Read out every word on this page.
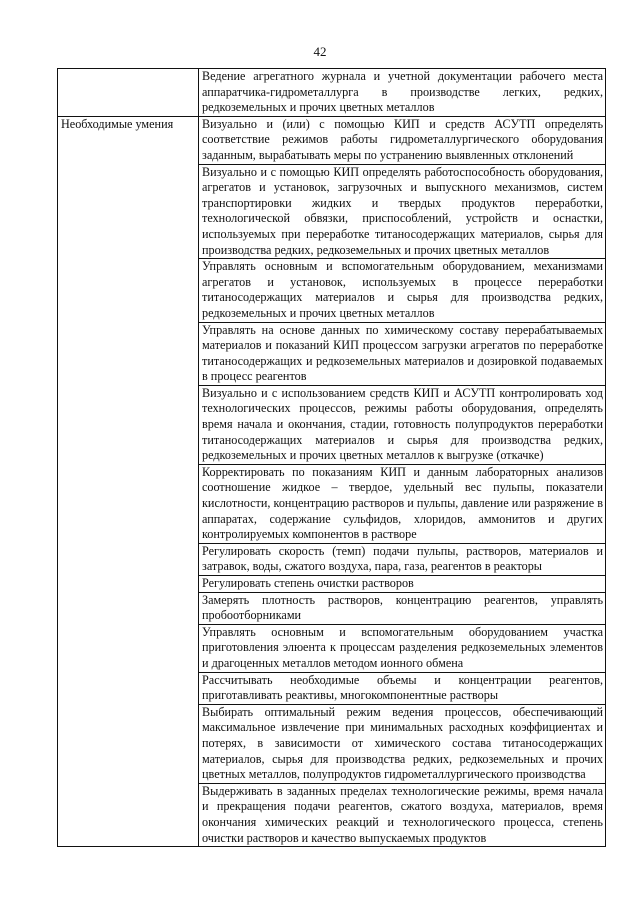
42
	Ведение агрегатного журнала и учетной документации рабочего места аппаратчика-гидрометаллурга в производстве легких, редких, редкоземельных и прочих цветных металлов
Необходимые умения	Визуально и (или) с помощью КИП и средств АСУТП определять соответствие режимов работы гидрометаллургического оборудования заданным, вырабатывать меры по устранению выявленных отклонений
	Визуально и с помощью КИП определять работоспособность оборудования, агрегатов и установок, загрузочных и выпускного механизмов, систем транспортировки жидких и твердых продуктов переработки, технологической обвязки, приспособлений, устройств и оснастки, используемых при переработке титаносодержащих материалов, сырья для производства редких, редкоземельных и прочих цветных металлов
	Управлять основным и вспомогательным оборудованием, механизмами агрегатов и установок, используемых в процессе переработки титаносодержащих материалов и сырья для производства редких, редкоземельных и прочих цветных металлов
	Управлять на основе данных по химическому составу перерабатываемых материалов и показаний КИП процессом загрузки агрегатов по переработке титаносодержащих и редкоземельных материалов и дозировкой подаваемых в процесс реагентов
	Визуально и с использованием средств КИП и АСУТП контролировать ход технологических процессов, режимы работы оборудования, определять время начала и окончания, стадии, готовность полупродуктов переработки титаносодержащих материалов и сырья для производства редких, редкоземельных и прочих цветных металлов к выгрузке (откачке)
	Корректировать по показаниям КИП и данным лабораторных анализов соотношение жидкое – твердое, удельный вес пульпы, показатели кислотности, концентрацию растворов и пульпы, давление или разряжение в аппаратах, содержание сульфидов, хлоридов, аммонитов и других контролируемых компонентов в растворе
	Регулировать скорость (темп) подачи пульпы, растворов, материалов и затравок, воды, сжатого воздуха, пара, газа, реагентов в реакторы
	Регулировать степень очистки растворов
	Замерять плотность растворов, концентрацию реагентов, управлять пробоотборниками
	Управлять основным и вспомогательным оборудованием участка приготовления элюента к процессам разделения редкоземельных элементов и драгоценных металлов методом ионного обмена
	Рассчитывать необходимые объемы и концентрации реагентов, приготавливать реактивы, многокомпонентные растворы
	Выбирать оптимальный режим ведения процессов, обеспечивающий максимальное извлечение при минимальных расходных коэффициентах и потерях, в зависимости от химического состава титаносодержащих материалов, сырья для производства редких, редкоземельных и прочих цветных металлов, полупродуктов гидрометаллургического производства
	Выдерживать в заданных пределах технологические режимы, время начала и прекращения подачи реагентов, сжатого воздуха, материалов, время окончания химических реакций и технологического процесса, степень очистки растворов и качество выпускаемых продуктов
